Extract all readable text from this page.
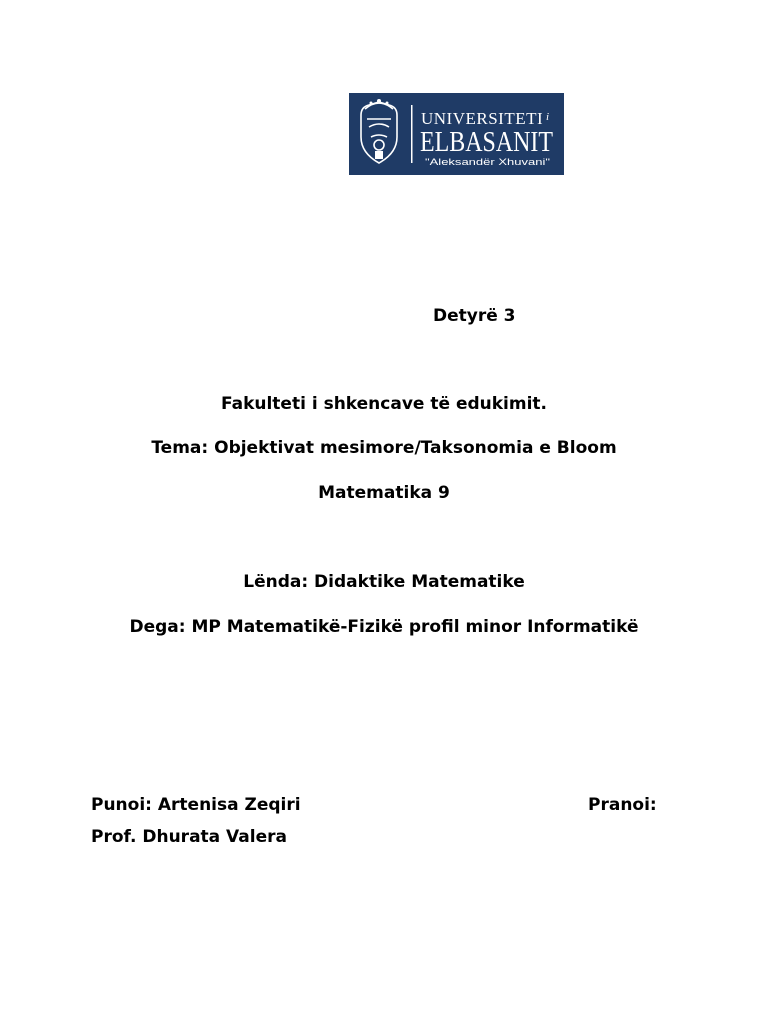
UNIVERSITETI i
ELBASANIT
"Aleksandër Xhuvani"
Detyrë 3
Fakulteti i shkencave të edukimit.
Tema: Objektivat mesimore/Taksonomia e Bloom
Matematika 9
Lënda: Didaktike Matematike
Dega: MP Matematikë-Fizikë profil minor Informatikë
Punoi: Artenisa Zeqiri	Pranoi:
Prof. Dhurata Valera
